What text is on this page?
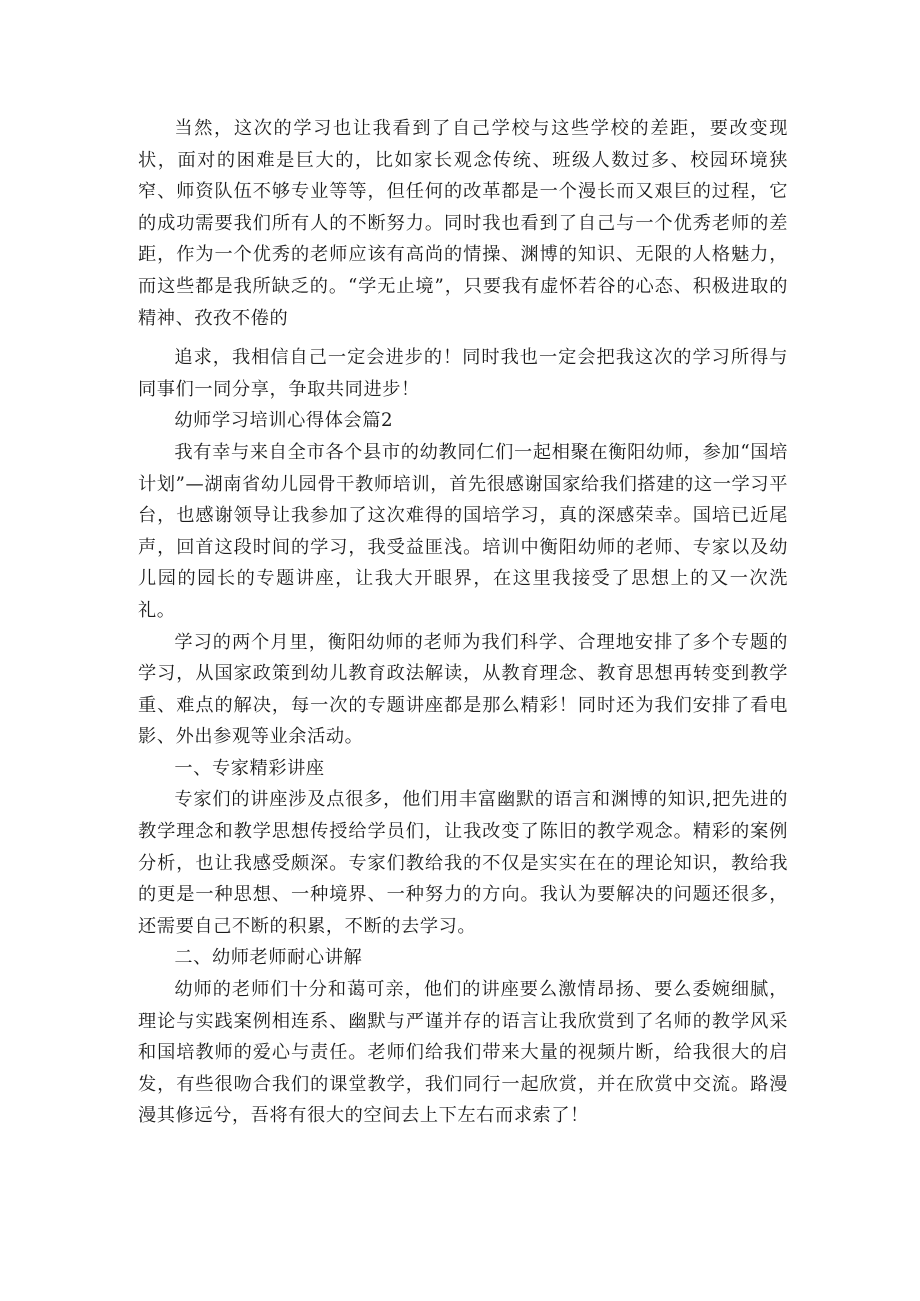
当然，这次的学习也让我看到了自己学校与这些学校的差距，要改变现状，面对的困难是巨大的，比如家长观念传统、班级人数过多、校园环境狭窄、师资队伍不够专业等等，但任何的改革都是一个漫长而又艰巨的过程，它的成功需要我们所有人的不断努力。同时我也看到了自己与一个优秀老师的差距，作为一个优秀的老师应该有高尚的情操、渊博的知识、无限的人格魅力，而这些都是我所缺乏的。“学无止境”，只要我有虚怀若谷的心态、积极进取的精神、孜孜不倦的

追求，我相信自己一定会进步的！同时我也一定会把我这次的学习所得与同事们一同分享，争取共同进步！

幼师学习培训心得体会篇2

我有幸与来自全市各个县市的幼教同仁们一起相聚在衡阳幼师，参加“国培计划”—湖南省幼儿园骨干教师培训，首先很感谢国家给我们搭建的这一学习平台，也感谢领导让我参加了这次难得的国培学习，真的深感荣幸。国培已近尾声，回首这段时间的学习，我受益匪浅。培训中衡阳幼师的老师、专家以及幼儿园的园长的专题讲座，让我大开眼界，在这里我接受了思想上的又一次洗礼。

学习的两个月里，衡阳幼师的老师为我们科学、合理地安排了多个专题的学习，从国家政策到幼儿教育政法解读，从教育理念、教育思想再转变到教学重、难点的解决，每一次的专题讲座都是那么精彩！同时还为我们安排了看电影、外出参观等业余活动。

一、专家精彩讲座

专家们的讲座涉及点很多，他们用丰富幽默的语言和渊博的知识,把先进的教学理念和教学思想传授给学员们，让我改变了陈旧的教学观念。精彩的案例分析，也让我感受颇深。专家们教给我的不仅是实实在在的理论知识，教给我的更是一种思想、一种境界、一种努力的方向。我认为要解决的问题还很多，还需要自己不断的积累，不断的去学习。

二、幼师老师耐心讲解

幼师的老师们十分和蔼可亲，他们的讲座要么激情昂扬、要么委婉细腻，理论与实践案例相连系、幽默与严谨并存的语言让我欣赏到了名师的教学风采和国培教师的爱心与责任。老师们给我们带来大量的视频片断，给我很大的启发，有些很吻合我们的课堂教学，我们同行一起欣赏，并在欣赏中交流。路漫漫其修远兮，吾将有很大的空间去上下左右而求索了！
